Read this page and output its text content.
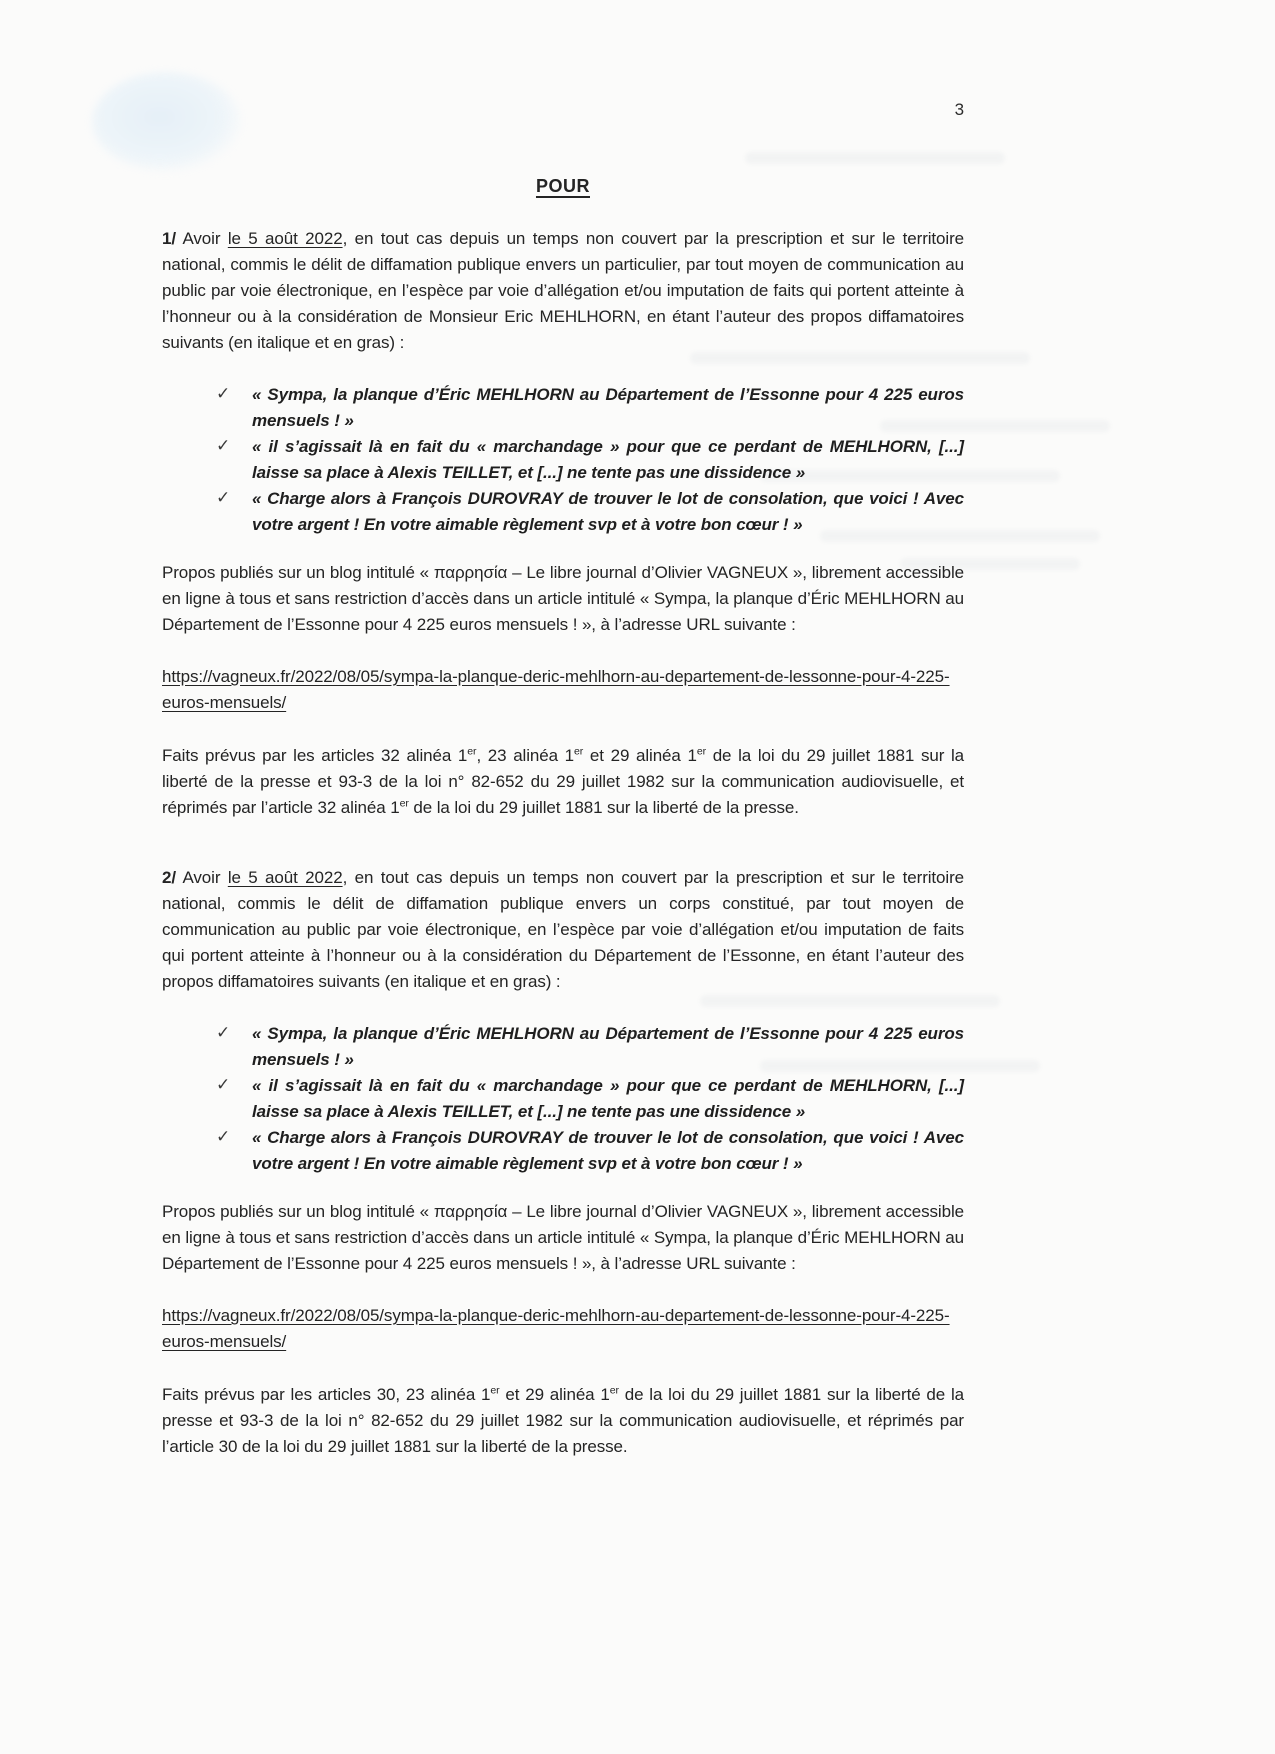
3
POUR

1/ Avoir le 5 août 2022, en tout cas depuis un temps non couvert par la prescription et sur le territoire national, commis le délit de diffamation publique envers un particulier, par tout moyen de communication au public par voie électronique, en l’espèce par voie d’allégation et/ou imputation de faits qui portent atteinte à l’honneur ou à la considération de Monsieur Eric MEHLHORN, en étant l’auteur des propos diffamatoires suivants (en italique et en gras) :

✓	« Sympa, la planque d’Éric MEHLHORN au Département de l’Essonne pour 4 225 euros mensuels ! »
✓	« il s’agissait là en fait du « marchandage » pour que ce perdant de MEHLHORN, [...] laisse sa place à Alexis TEILLET, et [...] ne tente pas une dissidence »
✓	« Charge alors à François DUROVRAY de trouver le lot de consolation, que voici ! Avec votre argent ! En votre aimable règlement svp et à votre bon cœur ! »

Propos publiés sur un blog intitulé « παρρησία – Le libre journal d’Olivier VAGNEUX », librement accessible en ligne à tous et sans restriction d’accès dans un article intitulé « Sympa, la planque d’Éric MEHLHORN au Département de l’Essonne pour 4 225 euros mensuels ! », à l’adresse URL suivante :

https://vagneux.fr/2022/08/05/sympa-la-planque-deric-mehlhorn-au-departement-de-lessonne-pour-4-225-euros-mensuels/

Faits prévus par les articles 32 alinéa 1er, 23 alinéa 1er et 29 alinéa 1er de la loi du 29 juillet 1881 sur la liberté de la presse et 93-3 de la loi n° 82-652 du 29 juillet 1982 sur la communication audiovisuelle, et réprimés par l’article 32 alinéa 1er de la loi du 29 juillet 1881 sur la liberté de la presse.

2/ Avoir le 5 août 2022, en tout cas depuis un temps non couvert par la prescription et sur le territoire national, commis le délit de diffamation publique envers un corps constitué, par tout moyen de communication au public par voie électronique, en l’espèce par voie d’allégation et/ou imputation de faits qui portent atteinte à l’honneur ou à la considération du Département de l’Essonne, en étant l’auteur des propos diffamatoires suivants (en italique et en gras) :

✓	« Sympa, la planque d’Éric MEHLHORN au Département de l’Essonne pour 4 225 euros mensuels ! »
✓	« il s’agissait là en fait du « marchandage » pour que ce perdant de MEHLHORN, [...] laisse sa place à Alexis TEILLET, et [...] ne tente pas une dissidence »
✓	« Charge alors à François DUROVRAY de trouver le lot de consolation, que voici ! Avec votre argent ! En votre aimable règlement svp et à votre bon cœur ! »

Propos publiés sur un blog intitulé « παρρησία – Le libre journal d’Olivier VAGNEUX », librement accessible en ligne à tous et sans restriction d’accès dans un article intitulé « Sympa, la planque d’Éric MEHLHORN au Département de l’Essonne pour 4 225 euros mensuels ! », à l’adresse URL suivante :

https://vagneux.fr/2022/08/05/sympa-la-planque-deric-mehlhorn-au-departement-de-lessonne-pour-4-225-euros-mensuels/

Faits prévus par les articles 30, 23 alinéa 1er et 29 alinéa 1er de la loi du 29 juillet 1881 sur la liberté de la presse et 93-3 de la loi n° 82-652 du 29 juillet 1982 sur la communication audiovisuelle, et réprimés par l’article 30 de la loi du 29 juillet 1881 sur la liberté de la presse.
